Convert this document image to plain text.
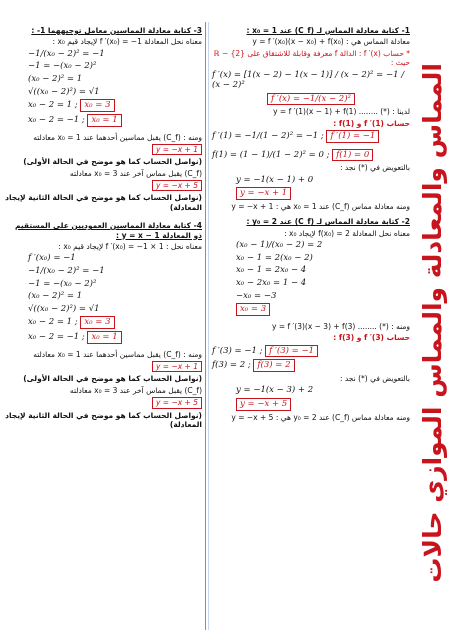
المماس والمعادلة والمماس الموازي حالات
1- كتابة معادلة المماس لـ (C_f) عند x₀ = 1 :
معادلة المماس هي : y = f ′(x₀)(x − x₀) + f(x₀)
* حساب f ′(x) : الدالة f معرفة وقابلة للاشتقاق على ℝ − {2} حيث :
f ′(x) = [1(x − 2) − 1(x − 1)] / (x − 2)² = −1 / (x − 2)²
f ′(x) = −1/(x − 2)²
لدينا : (*) ........ y = f ′(1)(x − 1) + f(1)
حساب f ′(1) و f(1) :
f ′(1) = −1/(1 − 2)² = −1 ; f ′(1) = −1
f(1) = (1 − 1)/(1 − 2)² = 0 ; f(1) = 0
بالتعويض في (*) نجد :
y = −1(x − 1) + 0
y = −x + 1
ومنه معادلة مماس (C_f) عند x₀ = 1 هي : y = −x + 1
2- كتابة معادلة المماس لـ (C_f) عند y₀ = 2 :
معناه نحل المعادلة f(x₀) = 2 لإيجاد x₀ :
(x₀ − 1)/(x₀ − 2) = 2
x₀ − 1 = 2(x₀ − 2)
x₀ − 1 = 2x₀ − 4
x₀ − 2x₀ = 1 − 4
−x₀ = −3
x₀ = 3
ومنه : (*) ........ y = f ′(3)(x − 3) + f(3)
حساب f ′(3) و f(3) :
f ′(3) = −1 ; f ′(3) = −1
f(3) = 2 ; f(3) = 2
بالتعويض في (*) نجد :
y = −1(x − 3) + 2
y = −x + 5
ومنه معادلة مماس (C_f) عند y₀ = 2 هي : y = −x + 5
3- كتابة معادلة المماسين معامل توجيههما 1- :
معناه نحل المعادلة f ′(x₀) = −1 لإيجاد قيم x₀ :
−1/(x₀ − 2)² = −1
−1 = −(x₀ − 2)²
(x₀ − 2)² = 1
√((x₀ − 2)²) = √1
x₀ − 2 = 1 ; x₀ = 3
x₀ − 2 = −1 ; x₀ = 1
ومنه : (C_f) يقبل مماسين أحدهما عند x₀ = 1 معادلته
y = −x + 1
(نواصل الحساب كما هو موضح في الحالة الأولى)
(C_f) يقبل مماس آخر عند x₀ = 3 معادلته
y = −x + 5
(نواصل الحساب كما هو موضح في الحالة الثانية لإيجاد المعادلة)
4- كتابة معادلة المماسين العموديين على المستقيم ذو المعادلة y = x − 1 :
معناه نحل : 1 × f ′(x₀) = −1 لإيجاد قيم x₀ :
f ′(x₀) = −1
−1/(x₀ − 2)² = −1
−1 = −(x₀ − 2)²
(x₀ − 2)² = 1
√((x₀ − 2)²) = √1
x₀ − 2 = 1 ; x₀ = 3
x₀ − 2 = −1 ; x₀ = 1
ومنه : (C_f) يقبل مماسين أحدهما عند x₀ = 1 معادلته
y = −x + 1
(نواصل الحساب كما هو موضح في الحالة الأولى)
(C_f) يقبل مماس آخر عند x₀ = 3 معادلته
y = −x + 5
(نواصل الحساب كما هو موضح في الحالة الثانية لإيجاد المعادلة)
